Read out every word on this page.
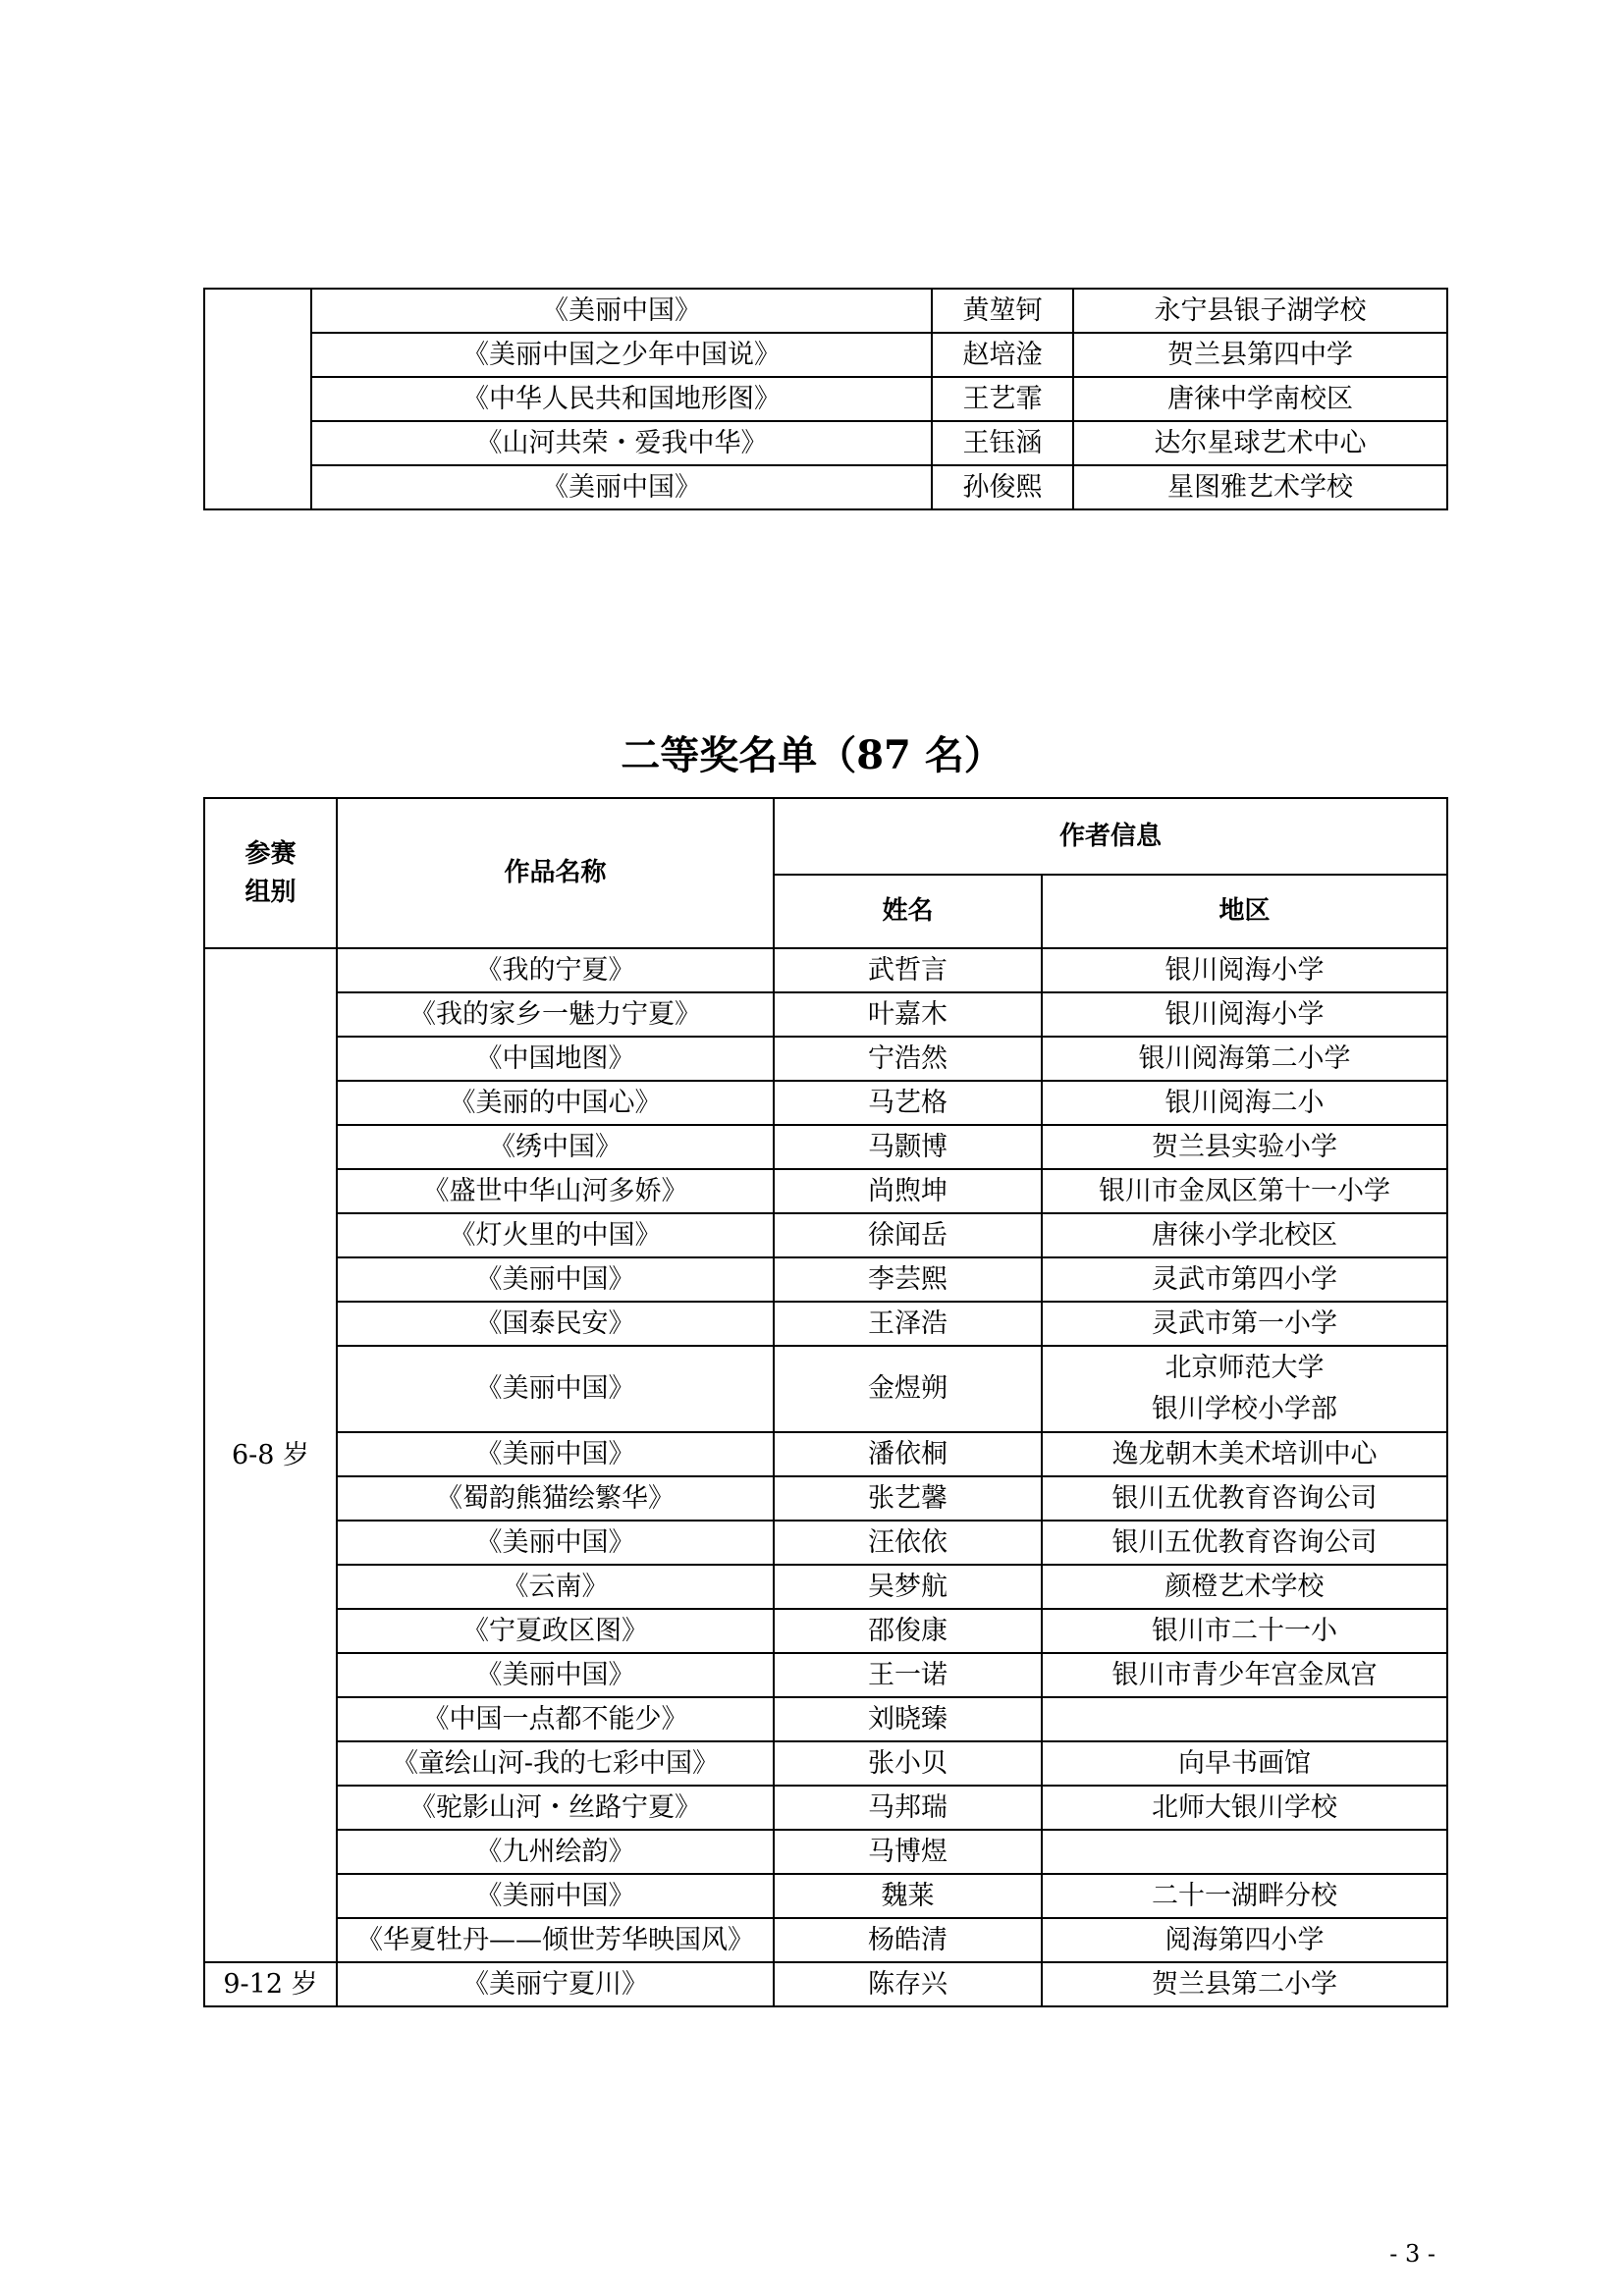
	《美丽中国》	黄堃钶	永宁县银子湖学校
	《美丽中国之少年中国说》	赵培淦	贺兰县第四中学
	《中华人民共和国地形图》	王艺霏	唐徕中学南校区
	《山河共荣・爱我中华》	王钰涵	达尔星球艺术中心
	《美丽中国》	孙俊熙	星图雅艺术学校
二等奖名单（87 名）
参赛
组别	作品名称	作者信息	
		姓名	地区
6-8 岁	《我的宁夏》	武哲言	银川阅海小学
	《我的家乡一魅力宁夏》	叶嘉木	银川阅海小学
	《中国地图》	宁浩然	银川阅海第二小学
	《美丽的中国心》	马艺格	银川阅海二小
	《绣中国》	马颢博	贺兰县实验小学
	《盛世中华山河多娇》	尚煦坤	银川市金凤区第十一小学
	《灯火里的中国》	徐闻岳	唐徕小学北校区
	《美丽中国》	李芸熙	灵武市第四小学
	《国泰民安》	王泽浩	灵武市第一小学
	《美丽中国》	金煜朔	北京师范大学
银川学校小学部

	《美丽中国》	潘依桐	逸龙朝木美术培训中心
	《蜀韵熊猫绘繁华》	张艺馨	银川五优教育咨询公司
	《美丽中国》	汪依依	银川五优教育咨询公司
	《云南》	吴梦航	颜橙艺术学校
	《宁夏政区图》	邵俊康	银川市二十一小
	《美丽中国》	王一诺	银川市青少年宫金凤宫
	《中国一点都不能少》	刘晓臻	
	《童绘山河-我的七彩中国》	张小贝	向早书画馆
	《驼影山河・丝路宁夏》	马邦瑞	北师大银川学校
	《九州绘韵》	马博煜	
	《美丽中国》	魏莱	二十一湖畔分校
	《华夏牡丹——倾世芳华映国风》	杨皓清	阅海第四小学
9-12 岁	《美丽宁夏川》	陈存兴	贺兰县第二小学
- 3 -
